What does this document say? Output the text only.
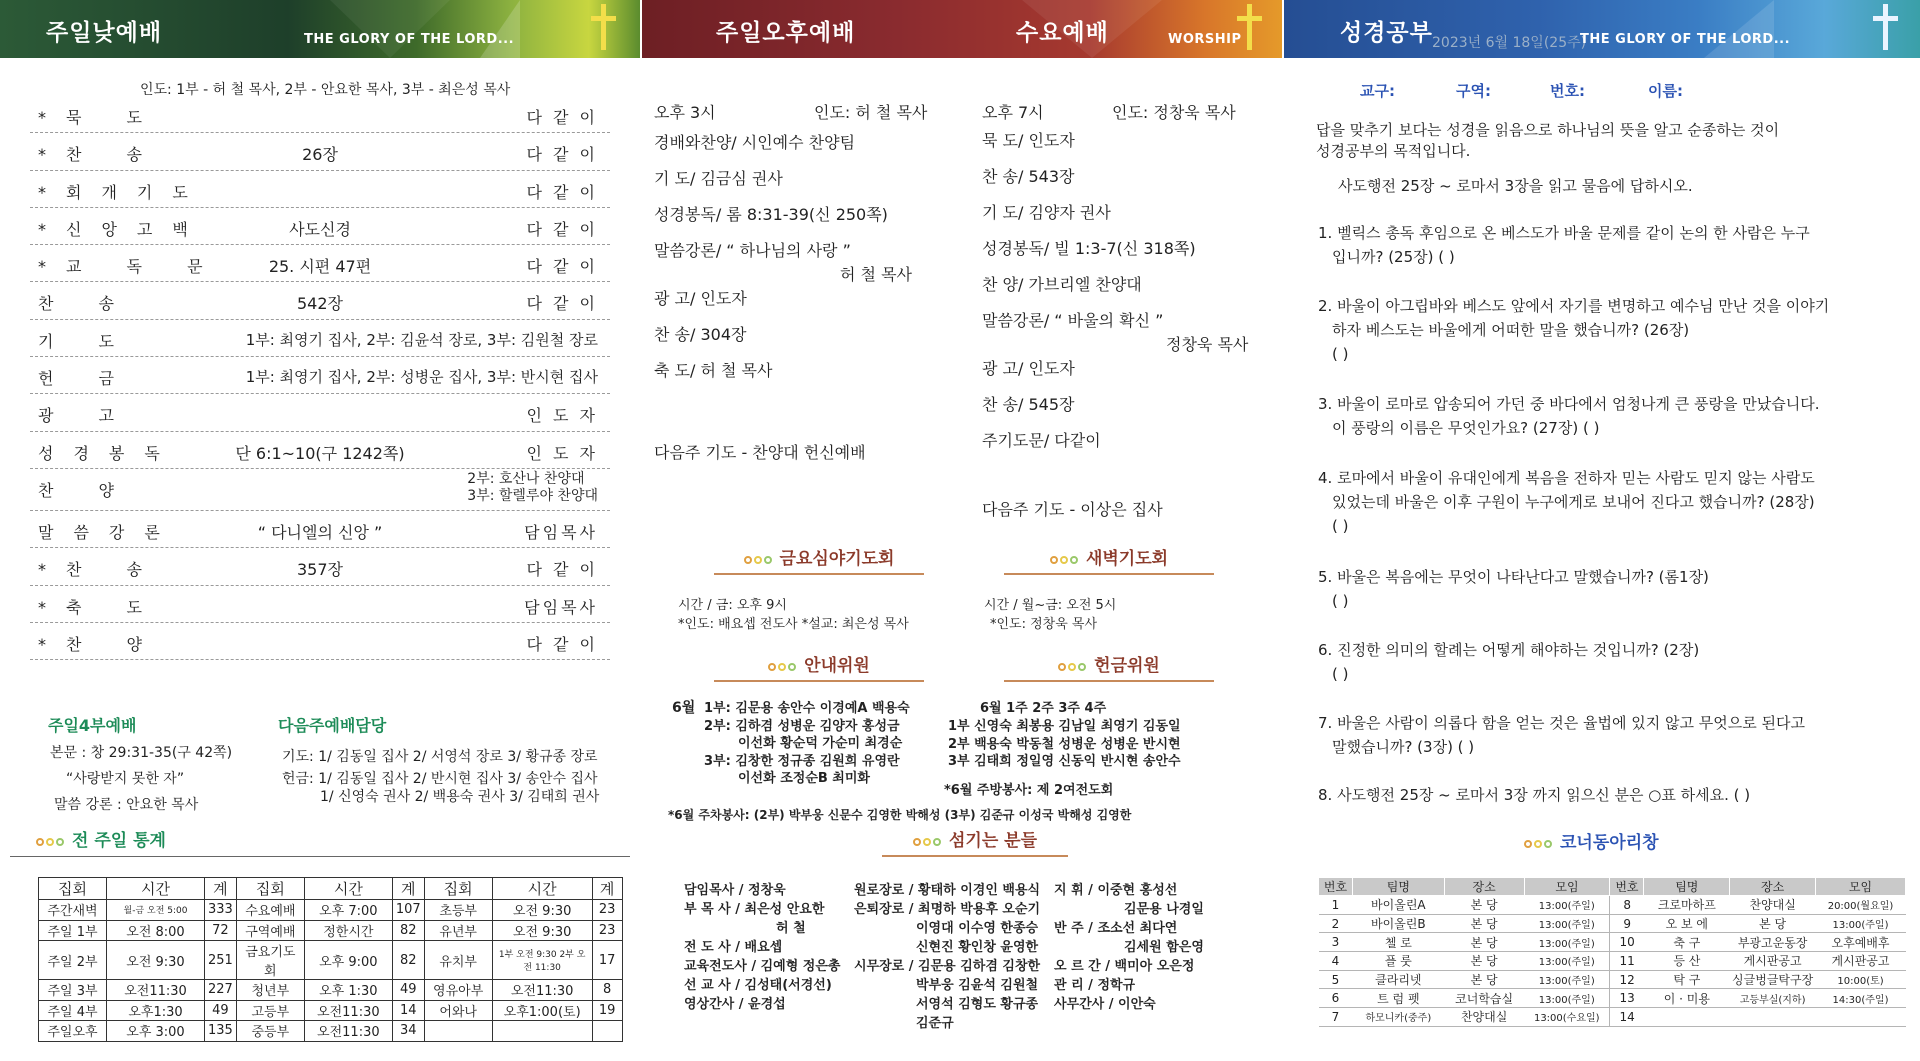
주일낮예배	THE GLORY OF THE LORD...	주일오후예배	수요예배	WORSHIP	성경공부 2023년 6월 18일(25주)
THE GLORY OF THE LORD...
인도: 1부 - 허 철 목사, 2부 - 안요한 목사, 3부 - 최은성 목사
*묵 도	다 같 이
*찬 송	26장	다 같 이
*회개기도	다 같 이
*신앙고백	사도신경	다 같 이
*교 독 문	25. 시편 47편	다 같 이
찬 송	542장	다 같 이
기 도	1부: 최영기 집사, 2부: 김윤석 장로, 3부: 김원철 장로
헌 금	1부: 최영기 집사, 2부: 성병운 집사, 3부: 반시현 집사
광 고	인 도 자
성경봉독	단 6:1~10(구 1242쪽)	인 도 자
찬 양
2부: 호산나 찬양대
3부: 할렐루야 찬양대
말씀강론	“ 다니엘의 신앙 ”	담임목사
*찬 송	357장	다 같 이
*축 도	담임목사
*찬 양	다 같 이
주일4부예배
본문 : 창 29:31-35(구 42쪽)
“사랑받지 못한 자”
말씀 강론 : 안요한 목사
다음주예배담당
기도: 1/ 김동일 집사 2/ 서영석 장로 3/ 황규종 장로
헌금: 1/ 김동일 집사 2/ 반시현 집사 3/ 송안수 집사
1/ 신영숙 권사 2/ 백용숙 권사 3/ 김태희 권사
전 주일 통계
집회	시간	계	집회	시간	계	집회	시간	계
주간새벽	월-금 오전 5:00	333	수요예배	오후 7:00	107	초등부	오전 9:30	23
주일 1부	오전 8:00	72	구역예배	정한시간	82	유년부	오전 9:30	23
주일 2부	오전 9:30	251	금요기도회	오후 9:00	82	유치부	1부 오전 9:30 2부 오전 11:30	17
주일 3부	오전11:30	227	청년부	오후 1:30	49	영유아부	오전11:30	8
주일 4부	오후1:30	49	고등부	오전11:30	14	어와나	오후1:00(토)	19
주일오후	오후 3:00	135	중등부	오전11:30	34			
오후 3시	인도: 허 철 목사
경배와찬양/ 시인예수 찬양팀
기 도/ 김금심 권사
성경봉독/ 롬 8:31-39(신 250쪽)
말씀강론/ “ 하나님의 사랑 ”
허 철 목사
광 고/ 인도자
찬 송/ 304장
축 도/ 허 철 목사
다음주 기도 - 찬양대 헌신예배
오후 7시	인도: 정창욱 목사
묵 도/ 인도자
찬 송/ 543장
기 도/ 김양자 권사
성경봉독/ 빌 1:3-7(신 318쪽)
찬 양/ 가브리엘 찬양대
말씀강론/ “ 바울의 확신 ”
정창욱 목사
광 고/ 인도자
찬 송/ 545장
주기도문/ 다같이
다음주 기도 - 이상은 집사
금요심야기도회
시간 / 금: 오후 9시
*인도: 배요셉 전도사 *설교: 최은성 목사
새벽기도회
시간 / 월~금: 오전 5시
*인도: 정창욱 목사
안내위원
6월 1부: 김문용 송안수 이경예A 백용숙
2부: 김하겸 성병운 김양자 홍성금
이선화 황순덕 가순미 최경순
3부: 김창한 정규종 김원희 유영란
이선화 조정순B 최미화
헌금위원
6월 1주 2주 3주 4주
1부 신영숙 최봉용 김남일 최영기 김동일
2부 백용숙 박동철 성병운 성병운 반시현
3부 김태희 정일영 신동익 반시현 송안수
*6월 주방봉사: 제 2여전도회
*6월 주차봉사: (2부) 박부웅 신문수 김영한 박해성 (3부) 김준규 이성국 박해성 김영한
섬기는 분들
담임목사 / 정창욱
부 목 사 / 최은성 안요한
허 철
전 도 사 / 배요셉
교육전도사 / 김예형 정은총
선 교 사 / 김성태(서경선)
영상간사 / 윤경섭
원로장로 / 황태하 이경인 백용식
은퇴장로 / 최명하 박용후 오순기
이영대 이수영 한종승
신현진 황인창 윤영한
시무장로 / 김문용 김하겸 김창한
박부웅 김윤석 김원철
서영석 김형도 황규종
김준규
지 휘 / 이중현 홍성선
김문용 나경일
반 주 / 조소선 최다연
김세원 함은영
오 르 간 / 백미아 오은정
관 리 / 정학규
사무간사 / 이안숙
교구:	구역:	번호:	이름:
답을 맞추기 보다는 성경을 읽음으로 하나님의 뜻을 알고 순종하는 것이
성경공부의 목적입니다.
사도행전 25장 ~ 로마서 3장을 읽고 물음에 답하시오.
1. 벨릭스 총독 후임으로 온 베스도가 바울 문제를 같이 논의 한 사람은 누구
입니까? (25장) ( )
2. 바울이 아그립바와 베스도 앞에서 자기를 변명하고 예수님 만난 것을 이야기
하자 베스도는 바울에게 어떠한 말을 했습니까? (26장)
( )
3. 바울이 로마로 압송되어 가던 중 바다에서 엄청나게 큰 풍랑을 만났습니다.
이 풍랑의 이름은 무엇인가요? (27장) ( )
4. 로마에서 바울이 유대인에게 복음을 전하자 믿는 사람도 믿지 않는 사람도
있었는데 바울은 이후 구원이 누구에게로 보내어 진다고 했습니까? (28장)
( )
5. 바울은 복음에는 무엇이 나타난다고 말했습니까? (롬1장)
( )
6. 진정한 의미의 할례는 어떻게 해야하는 것입니까? (2장)
( )
7. 바울은 사람이 의롭다 함을 얻는 것은 율법에 있지 않고 무엇으로 된다고
말했습니까? (3장) ( )
8. 사도행전 25장 ~ 로마서 3장 까지 읽으신 분은 ○표 하세요. ( )
코너동아리창
번호	팀명	장소	모임	번호	팀명	장소	모임
1	바이올린A	본 당	13:00(주일)	8	크로마하프	찬양대실	20:00(월요일)
2	바이올린B	본 당	13:00(주일)	9	오 보 에	본 당	13:00(주일)
3	첼 로	본 당	13:00(주일)	10	축 구	부광고운동장	오후예배후
4	플 룻	본 당	13:00(주일)	11	등 산	게시판공고	게시판공고
5	클라리넷	본 당	13:00(주일)	12	탁 구	싱글벙글탁구장	10:00(토)
6	트 럼 펫	코너학습실	13:00(주일)	13	이 · 미용	고등부실(지하)	14:30(주일)
7	하모니카(중주)	찬양대실	13:00(수요일)	14			
